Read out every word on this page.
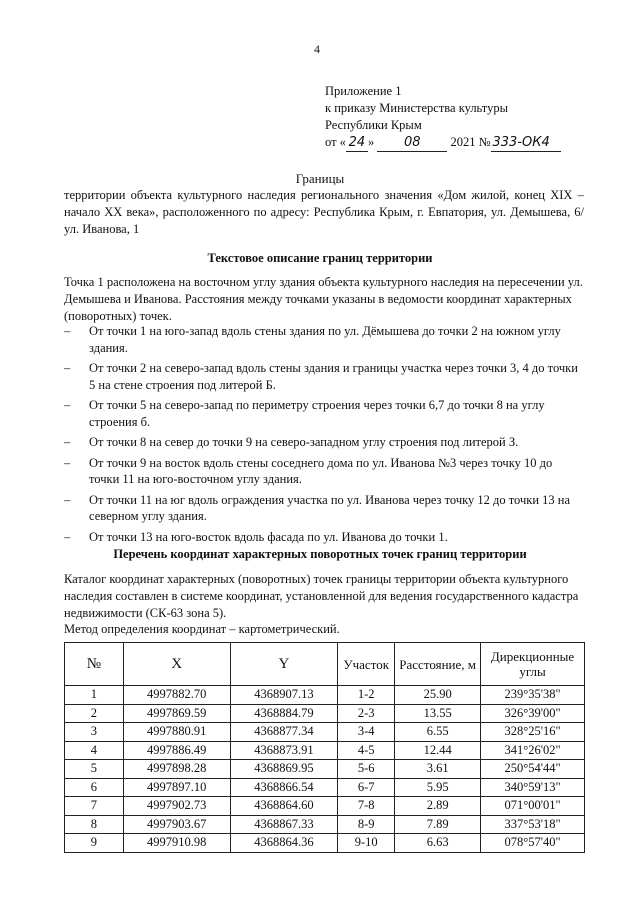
4
Приложение 1
к приказу Министерства культуры
Республики Крым
от « 24 » 08 2021 № 333-ОК4
Границы
территории объекта культурного наследия регионального значения «Дом жилой, конец XIX – начало XX века», расположенного по адресу: Республика Крым, г. Евпатория, ул. Демышева, 6/ул. Иванова, 1
Текстовое описание границ территории
Точка 1 расположена на восточном углу здания объекта культурного наследия на пересечении ул. Демышева и Иванова. Расстояния между точками указаны в ведомости координат характерных (поворотных) точек.
– От точки 1 на юго-запад вдоль стены здания по ул. Дёмышева до точки 2 на южном углу здания.
– От точки 2 на северо-запад вдоль стены здания и границы участка через точки 3, 4 до точки 5 на стене строения под литерой Б.
– От точки 5 на северо-запад по периметру строения через точки 6,7 до точки 8 на углу строения б.
– От точки 8 на север до точки 9 на северо-западном углу строения под литерой З.
– От точки 9 на восток вдоль стены соседнего дома по ул. Иванова №3 через точку 10 до точки 11 на юго-восточном углу здания.
– От точки 11 на юг вдоль ограждения участка по ул. Иванова через точку 12 до точки 13 на северном углу здания.
– От точки 13 на юго-восток вдоль фасада по ул. Иванова до точки 1.
Перечень координат характерных поворотных точек границ территории
Каталог координат характерных (поворотных) точек границы территории объекта культурного наследия составлен в системе координат, установленной для ведения государственного кадастра недвижимости (СК-63 зона 5).
Метод определения координат – картометрический.
№	X	Y	Участок	Расстояние, м	Дирекционные углы
1	4997882.70	4368907.13	1-2	25.90	239°35'38"
2	4997869.59	4368884.79	2-3	13.55	326°39'00"
3	4997880.91	4368877.34	3-4	6.55	328°25'16"
4	4997886.49	4368873.91	4-5	12.44	341°26'02"
5	4997898.28	4368869.95	5-6	3.61	250°54'44"
6	4997897.10	4368866.54	6-7	5.95	340°59'13"
7	4997902.73	4368864.60	7-8	2.89	071°00'01"
8	4997903.67	4368867.33	8-9	7.89	337°53'18"
9	4997910.98	4368864.36	9-10	6.63	078°57'40"
